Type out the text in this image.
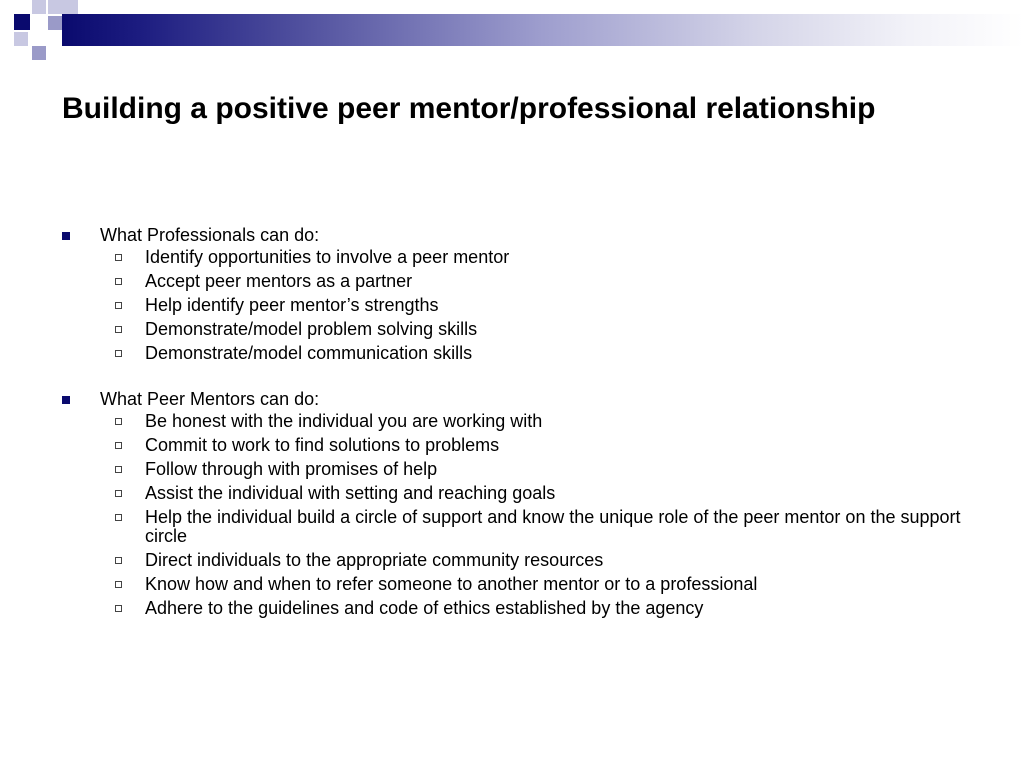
Building a positive peer mentor/professional relationship
What Professionals can do:
Identify opportunities to involve a peer mentor
Accept peer mentors as a partner
Help identify peer mentor’s strengths
Demonstrate/model problem solving skills
Demonstrate/model communication skills
What Peer Mentors can do:
Be honest with the individual you are working with
Commit to work to find solutions to problems
Follow through with promises of help
Assist the individual with setting and reaching goals
Help the individual build a circle of support and know the unique role of the peer mentor on the support circle
Direct individuals to the appropriate community resources
Know how and when to refer someone to another mentor or to a professional
Adhere to the guidelines and code of ethics established by the agency
